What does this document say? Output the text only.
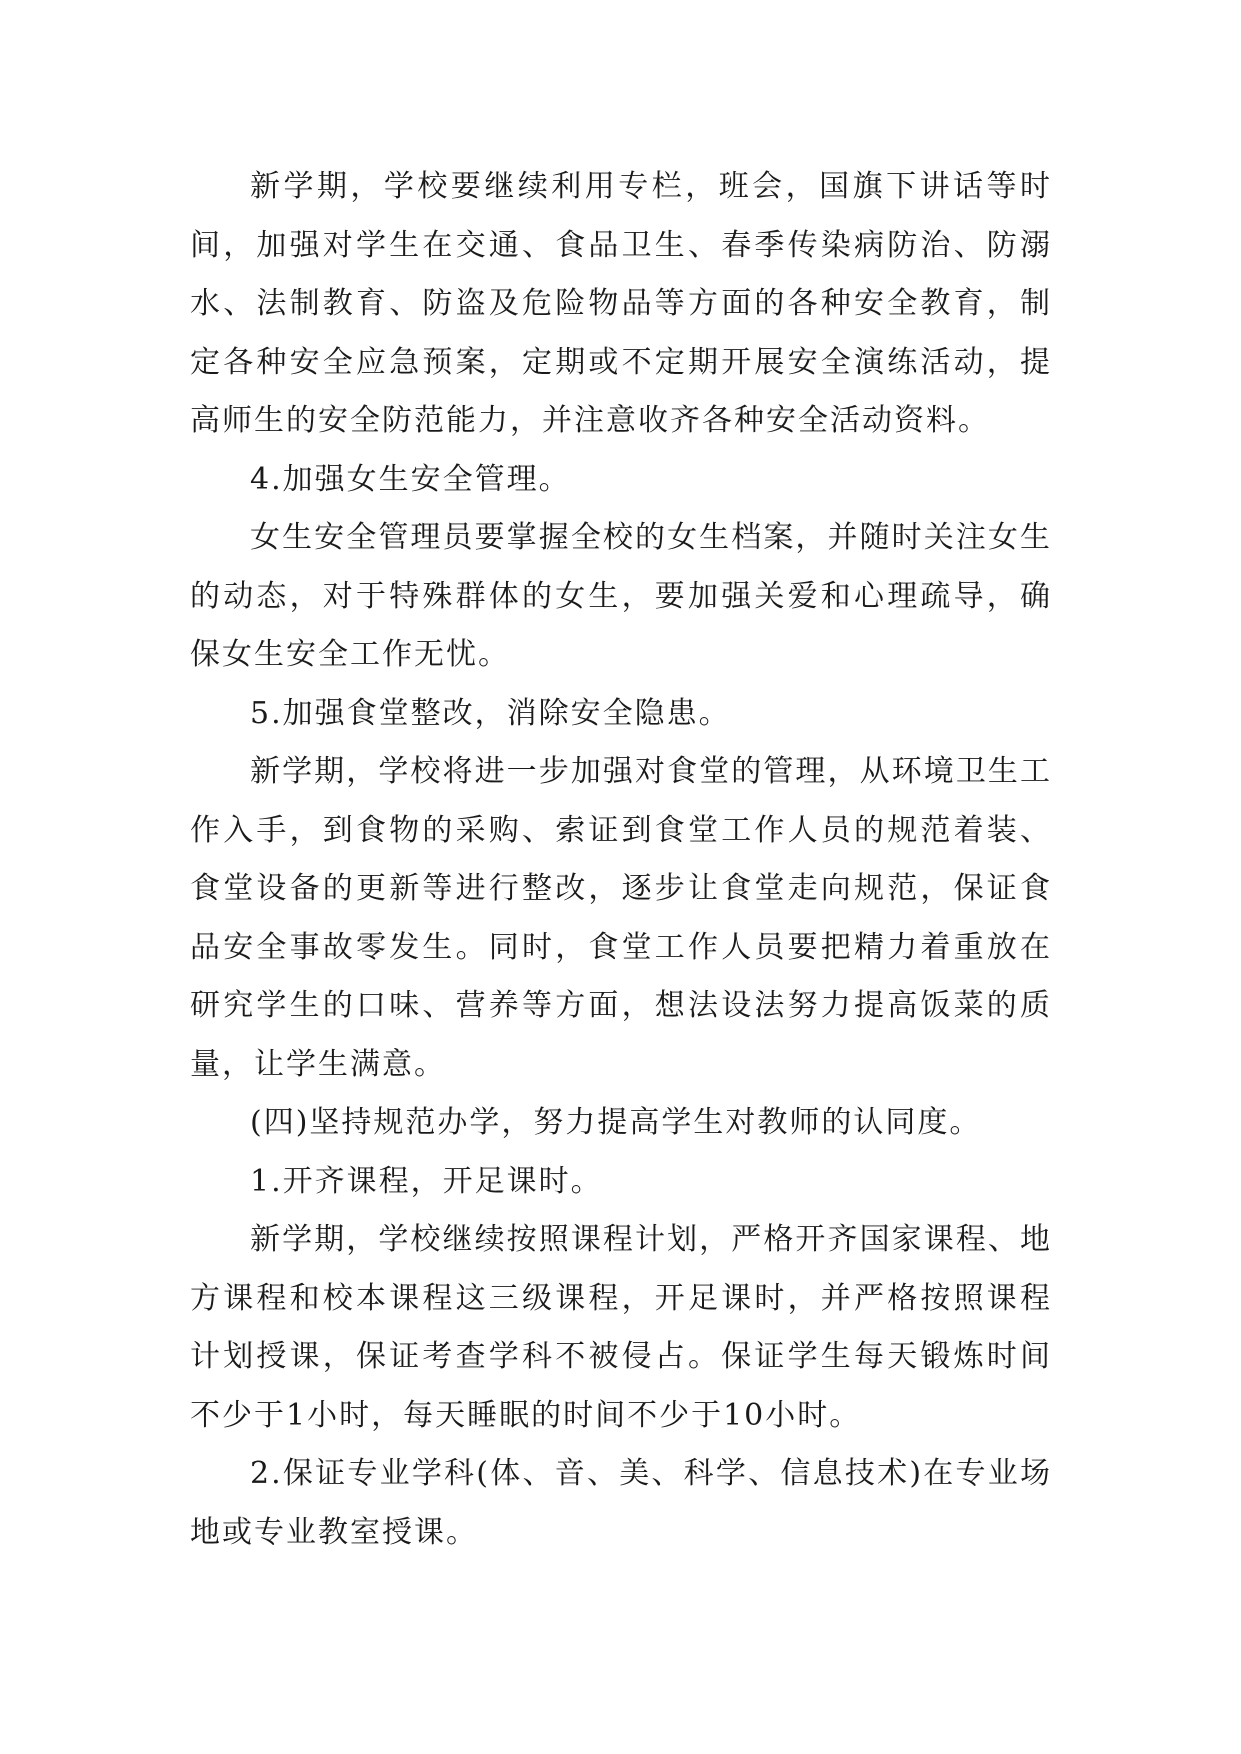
新学期，学校要继续利用专栏，班会，国旗下讲话等时间，加强对学生在交通、食品卫生、春季传染病防治、防溺水、法制教育、防盗及危险物品等方面的各种安全教育，制定各种安全应急预案，定期或不定期开展安全演练活动，提高师生的安全防范能力，并注意收齐各种安全活动资料。

4.加强女生安全管理。

女生安全管理员要掌握全校的女生档案，并随时关注女生的动态，对于特殊群体的女生，要加强关爱和心理疏导，确保女生安全工作无忧。

5.加强食堂整改，消除安全隐患。

新学期，学校将进一步加强对食堂的管理，从环境卫生工作入手，到食物的采购、索证到食堂工作人员的规范着装、食堂设备的更新等进行整改，逐步让食堂走向规范，保证食品安全事故零发生。同时，食堂工作人员要把精力着重放在研究学生的口味、营养等方面，想法设法努力提高饭菜的质量，让学生满意。

(四)坚持规范办学，努力提高学生对教师的认同度。

1.开齐课程，开足课时。

新学期，学校继续按照课程计划，严格开齐国家课程、地方课程和校本课程这三级课程，开足课时，并严格按照课程计划授课，保证考查学科不被侵占。保证学生每天锻炼时间不少于1小时，每天睡眠的时间不少于10小时。

2.保证专业学科(体、音、美、科学、信息技术)在专业场地或专业教室授课。
